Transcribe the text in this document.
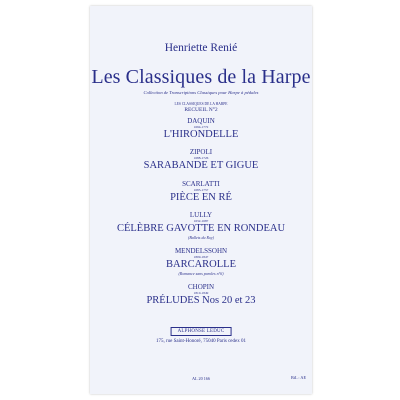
Henriette Renié
Les Classiques de la Harpe
Collection de Transcriptions Classiques pour Harpe à pédales
LES CLASSIQUES DE LA HARPE
RECUEIL N°2
DAQUIN
1694-1772
L'HIRONDELLE
ZIPOLI
1688-1726
SARABANDE ET GIGUE
SCARLATTI
1685-1757
PIÈCE EN RÉ
LULLY
1632-1687
CÉLÈBRE GAVOTTE EN RONDEAU
(Ballets du Roy)
MENDELSSOHN
1809-1847
BARCAROLLE
(Romance sans paroles n°6)
CHOPIN
1810-1849
PRÉLUDES Nos 20 et 23
ALPHONSE LEDUC
175, rue Saint-Honoré, 75040 Paris cedex 01
AL 20 166	BiL : AE
